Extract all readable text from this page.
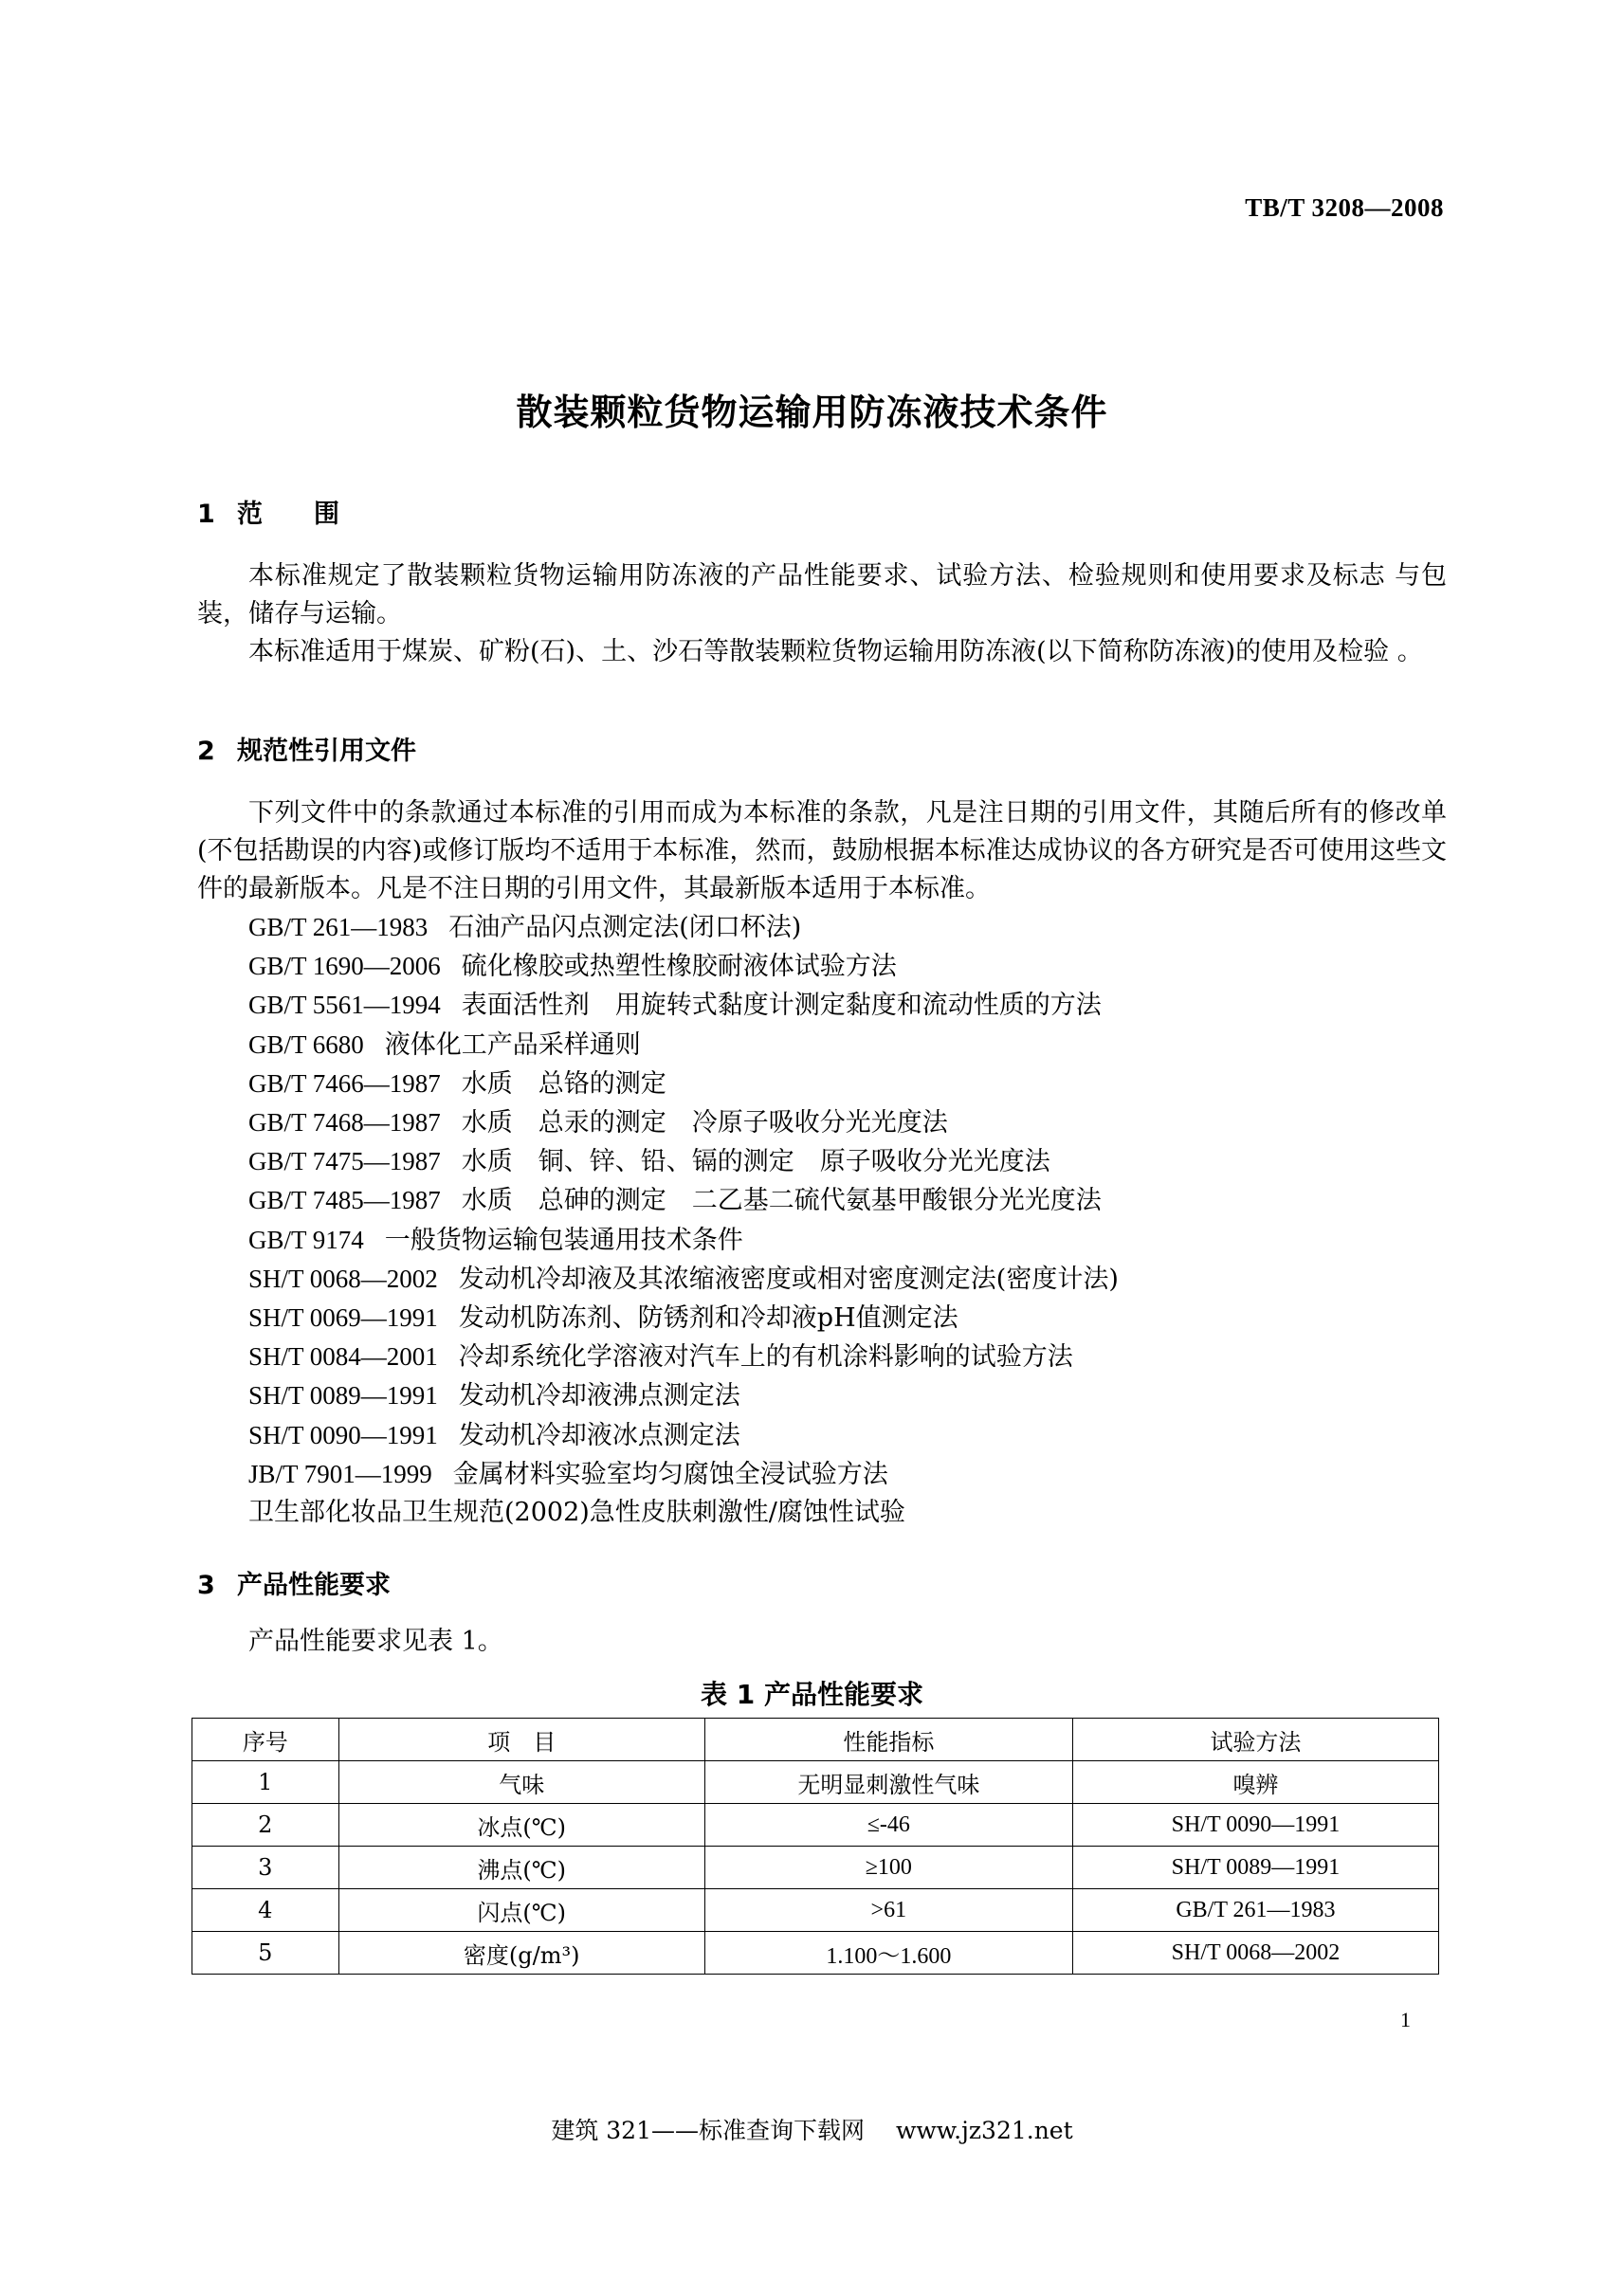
TB/T 3208—2008
散装颗粒货物运输用防冻液技术条件
1 范　　围
本标准规定了散装颗粒货物运输用防冻液的产品性能要求、试验方法、检验规则和使用要求及标志 与包装，储存与运输。
本标准适用于煤炭、矿粉(石)、土、沙石等散装颗粒货物运输用防冻液(以下简称防冻液)的使用及检验 。
2 规范性引用文件
下列文件中的条款通过本标准的引用而成为本标准的条款，凡是注日期的引用文件，其随后所有的修改单(不包括勘误的内容)或修订版均不适用于本标准，然而，鼓励根据本标准达成协议的各方研究是否可使用这些文件的最新版本。凡是不注日期的引用文件，其最新版本适用于本标准。
GB/T 261—1983 石油产品闪点测定法(闭口杯法)
GB/T 1690—2006 硫化橡胶或热塑性橡胶耐液体试验方法
GB/T 5561—1994 表面活性剂　用旋转式黏度计测定黏度和流动性质的方法
GB/T 6680 液体化工产品采样通则
GB/T 7466—1987 水质　总铬的测定
GB/T 7468—1987 水质　总汞的测定　冷原子吸收分光光度法
GB/T 7475—1987 水质　铜、锌、铅、镉的测定　原子吸收分光光度法
GB/T 7485—1987 水质　总砷的测定　二乙基二硫代氨基甲酸银分光光度法
GB/T 9174 一般货物运输包装通用技术条件
SH/T 0068—2002 发动机冷却液及其浓缩液密度或相对密度测定法(密度计法)
SH/T 0069—1991 发动机防冻剂、防锈剂和冷却液pH值测定法
SH/T 0084—2001 冷却系统化学溶液对汽车上的有机涂料影响的试验方法
SH/T 0089—1991 发动机冷却液沸点测定法
SH/T 0090—1991 发动机冷却液冰点测定法
JB/T 7901—1999 金属材料实验室均匀腐蚀全浸试验方法
卫生部化妆品卫生规范(2002)急性皮肤刺激性/腐蚀性试验
3 产品性能要求
产品性能要求见表 1。
表 1 产品性能要求
序号	项　目	性能指标	试验方法
1	气味	无明显刺激性气味	嗅辨
2	冰点(℃)	≤-46	SH/T 0090—1991
3	沸点(℃)	≥100	SH/T 0089—1991
4	闪点(℃)	>61	GB/T 261—1983
5	密度(g/m³)	1.100～1.600	SH/T 0068—2002
1
建筑 321——标准查询下载网　 www.jz321.net
